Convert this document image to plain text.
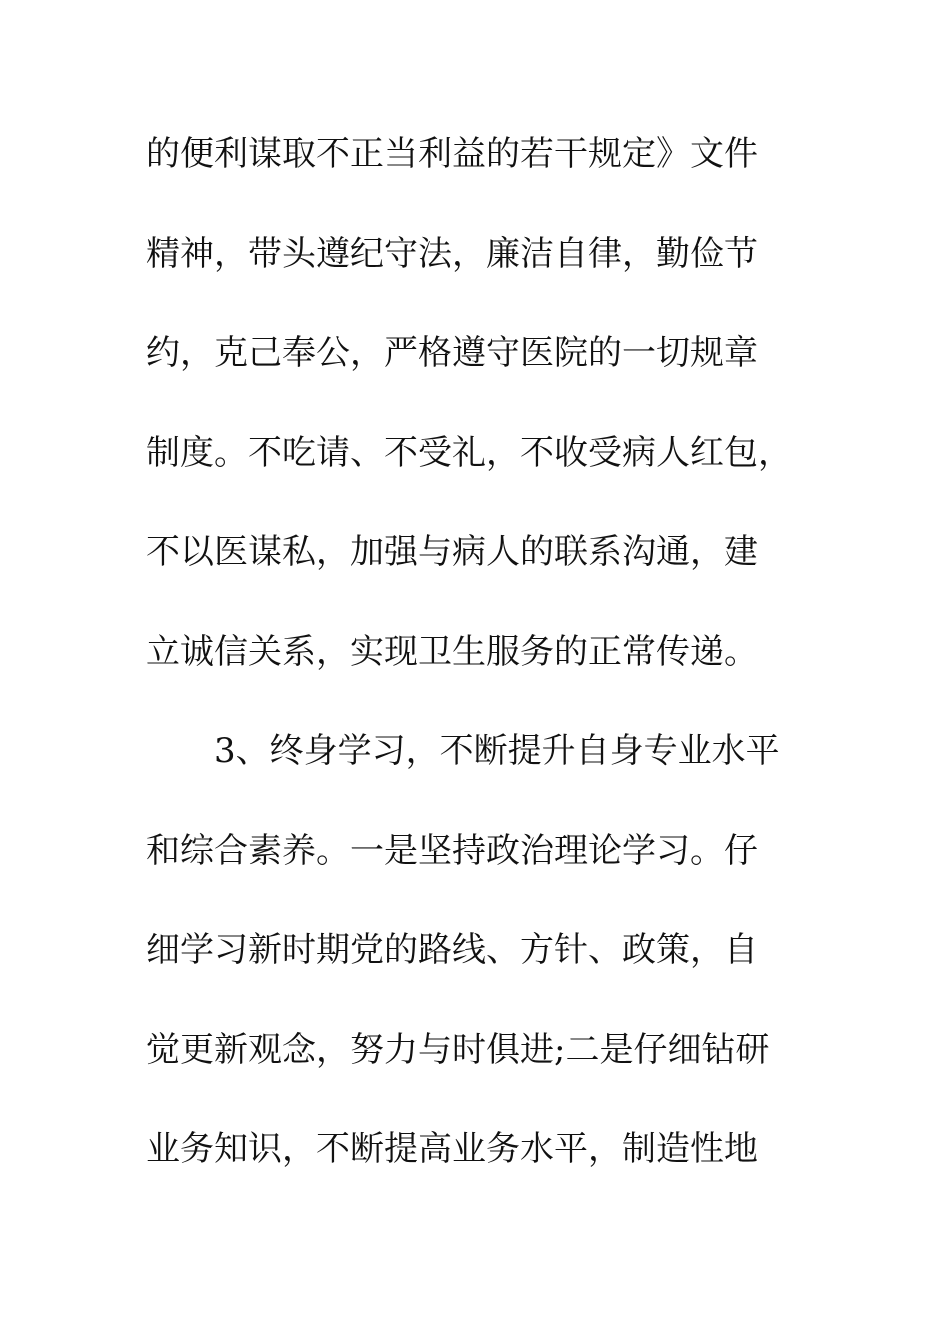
的便利谋取不正当利益的若干规定》文件
精神，带头遵纪守法，廉洁自律，勤俭节
约，克己奉公，严格遵守医院的一切规章
制度。不吃请、不受礼，不收受病人红包，
不以医谋私，加强与病人的联系沟通，建
立诚信关系，实现卫生服务的正常传递。
　　3、终身学习，不断提升自身专业水平
和综合素养。一是坚持政治理论学习。仔
细学习新时期党的路线、方针、政策，自
觉更新观念，努力与时俱进;二是仔细钻研
业务知识，不断提高业务水平，制造性地
